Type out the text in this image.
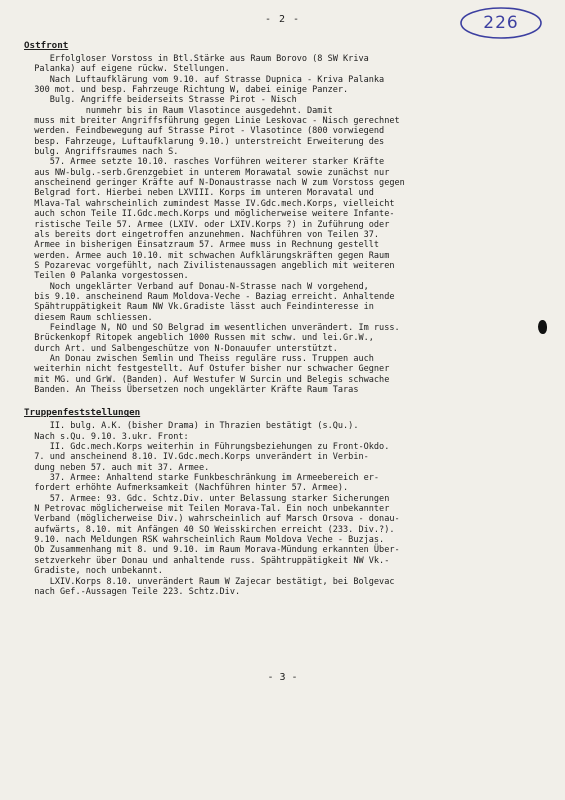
- 2 -	226
Ostfront
Erfolgloser Vorstoss in Btl.Stärke aus Raum Borovo (8 SW Kriva
Palanka) auf eigene rückw. Stellungen.
Nach Luftaufklärung vom 9.10. auf Strasse Dupnica - Kriva Palanka
300 mot. und besp. Fahrzeuge Richtung W, dabei einige Panzer.
Bulg. Angriffe beiderseits Strasse Pirot - Nisch
nunmehr bis in Raum Vlasotince ausgedehnt. Damit
muss mit breiter Angriffsführung gegen Linie Leskovac - Nisch gerechnet
werden. Feindbewegung auf Strasse Pirot - Vlasotince (800 vorwiegend
besp. Fahrzeuge, Luftaufklarung 9.10.) unterstreicht Erweiterung des
bulg. Angriffsraumes nach S.
57. Armee setzte 10.10. rasches Vorführen weiterer starker Kräfte
aus NW-bulg.-serb.Grenzgebiet in unterem Morawatal sowie zunächst nur
anscheinend geringer Kräfte auf N-Donaustrasse nach W zum Vorstoss gegen
Belgrad fort. Hierbei neben LXVIII. Korps im unteren Moravatal und
Mlava-Tal wahrscheinlich zumindest Masse IV.Gdc.mech.Korps, vielleicht
auch schon Teile II.Gdc.mech.Korps und möglicherweise weitere Infante-
ristische Teile 57. Armee (LXIV. oder LXIV.Korps ?) in Zuführung oder
als bereits dort eingetroffen anzunehmen. Nachführen von Teilen 37.
Armee in bisherigen Einsatzraum 57. Armee muss in Rechnung gestellt
werden. Armee auch 10.10. mit schwachen Aufklärungskräften gegen Raum
S Pozarevac vorgefühlt, nach Zivilistenaussagen angeblich mit weiteren
Teilen 0 Palanka vorgestossen.
Noch ungeklärter Verband auf Donau-N-Strasse nach W vorgehend,
bis 9.10. anscheinend Raum Moldova-Veche - Baziag erreicht. Anhaltende
Spähtruppätigkeit Raum NW Vk.Gradiste lässt auch Feindinteresse in
diesem Raum schliessen.
Feindlage N, NO und SO Belgrad im wesentlichen unverändert. Im russ.
Brückenkopf Ritopek angeblich 1000 Russen mit schw. und lei.Gr.W.,
durch Art. und Salbengeschütze von N-Donauufer unterstützt.
An Donau zwischen Semlin und Theiss reguläre russ. Truppen auch
weiterhin nicht festgestellt. Auf Ostufer bisher nur schwacher Gegner
mit MG. und GrW. (Banden). Auf Westufer W Surcin und Belegis schwache
Banden. An Theiss Übersetzen noch ungeklärter Kräfte Raum Taras
Truppenfeststellungen
II. bulg. A.K. (bisher Drama) in Thrazien bestätigt (s.Qu.).
Nach s.Qu. 9.10. 3.ukr. Front:
II. Gdc.mech.Korps weiterhin in Führungsbeziehungen zu Front-Okdo.
7. und anscheinend 8.10. IV.Gdc.mech.Korps unverändert in Verbin-
dung neben 57. auch mit 37. Armee.
37. Armee: Anhaltend starke Funkbeschränkung im Armeebereich er-
fordert erhöhte Aufmerksamkeit (Nachführen hinter 57. Armee).
57. Armee: 93. Gdc. Schtz.Div. unter Belassung starker Sicherungen
N Petrovac möglicherweise mit Teilen Morava-Tal. Ein noch unbekannter
Verband (möglicherweise Div.) wahrscheinlich auf Marsch Orsova - donau-
aufwärts, 8.10. mit Anfängen 40 SO Weisskirchen erreicht (233. Div.?).
9.10. nach Meldungen RSK wahrscheinlich Raum Moldova Veche - Buzjas.
Ob Zusammenhang mit 8. und 9.10. im Raum Morava-Mündung erkannten Über-
setzverkehr über Donau und anhaltende russ. Spähtruppätigkeit NW Vk.-
Gradiste, noch unbekannt.
LXIV.Korps 8.10. unverändert Raum W Zajecar bestätigt, bei Bolgevac
nach Gef.-Aussagen Teile 223. Schtz.Div.
- 3 -
